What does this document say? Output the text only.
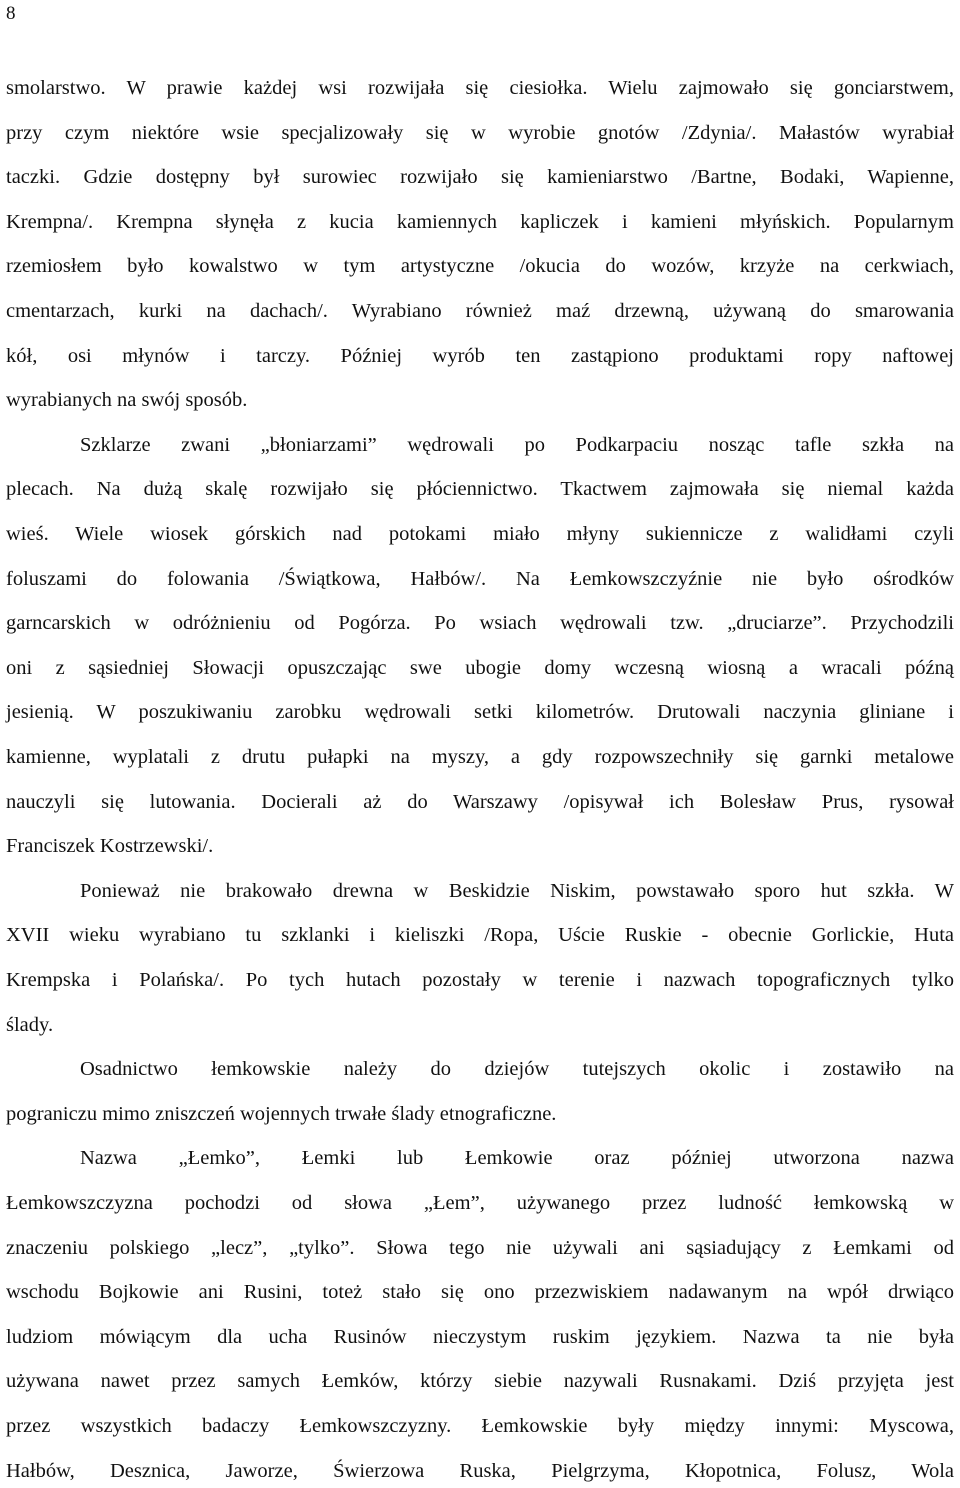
8
smolarstwo. W prawie każdej wsi rozwijała się ciesiołka. Wielu zajmowało się gonciarstwem,
przy czym niektóre wsie specjalizowały się w wyrobie gnotów /Zdynia/. Małastów wyrabiał
taczki. Gdzie dostępny był surowiec rozwijało się kamieniarstwo /Bartne, Bodaki, Wapienne,
Krempna/. Krempna słynęła z kucia kamiennych kapliczek i kamieni młyńskich. Popularnym
rzemiosłem było kowalstwo w tym artystyczne /okucia do wozów, krzyże na cerkwiach,
cmentarzach, kurki na dachach/. Wyrabiano również maź drzewną, używaną do smarowania
kół, osi młynów i tarczy. Później wyrób ten zastąpiono produktami ropy naftowej
wyrabianych na swój sposób.
Szklarze zwani „błoniarzami” wędrowali po Podkarpaciu nosząc tafle szkła na
plecach. Na dużą skalę rozwijało się płóciennictwo. Tkactwem zajmowała się niemal każda
wieś. Wiele wiosek górskich nad potokami miało młyny sukiennicze z walidłami czyli
foluszami do folowania /Świątkowa, Hałbów/. Na Łemkowszczyźnie nie było ośrodków
garncarskich w odróżnieniu od Pogórza. Po wsiach wędrowali tzw. „druciarze”. Przychodzili
oni z sąsiedniej Słowacji opuszczając swe ubogie domy wczesną wiosną a wracali późną
jesienią. W poszukiwaniu zarobku wędrowali setki kilometrów. Drutowali naczynia gliniane i
kamienne, wyplatali z drutu pułapki na myszy, a gdy rozpowszechniły się garnki metalowe
nauczyli się lutowania. Docierali aż do Warszawy /opisywał ich Bolesław Prus, rysował
Franciszek Kostrzewski/.
Ponieważ nie brakowało drewna w Beskidzie Niskim, powstawało sporo hut szkła. W
XVII wieku wyrabiano tu szklanki i kieliszki /Ropa, Uście Ruskie - obecnie Gorlickie, Huta
Krempska i Polańska/. Po tych hutach pozostały w terenie i nazwach topograficznych tylko
ślady.
Osadnictwo łemkowskie należy do dziejów tutejszych okolic i zostawiło na
pograniczu mimo zniszczeń wojennych trwałe ślady etnograficzne.
Nazwa „Łemko”, Łemki lub Łemkowie oraz później utworzona nazwa
Łemkowszczyzna pochodzi od słowa „Łem”, używanego przez ludność łemkowską w
znaczeniu polskiego „lecz”, „tylko”. Słowa tego nie używali ani sąsiadujący z Łemkami od
wschodu Bojkowie ani Rusini, toteż stało się ono przezwiskiem nadawanym na wpół drwiąco
ludziom mówiącym dla ucha Rusinów nieczystym ruskim językiem. Nazwa ta nie była
używana nawet przez samych Łemków, którzy siebie nazywali Rusnakami. Dziś przyjęta jest
przez wszystkich badaczy Łemkowszczyzny. Łemkowskie były między innymi: Myscowa,
Hałbów, Desznica, Jaworze, Świerzowa Ruska, Pielgrzyma, Kłopotnica, Folusz, Wola
